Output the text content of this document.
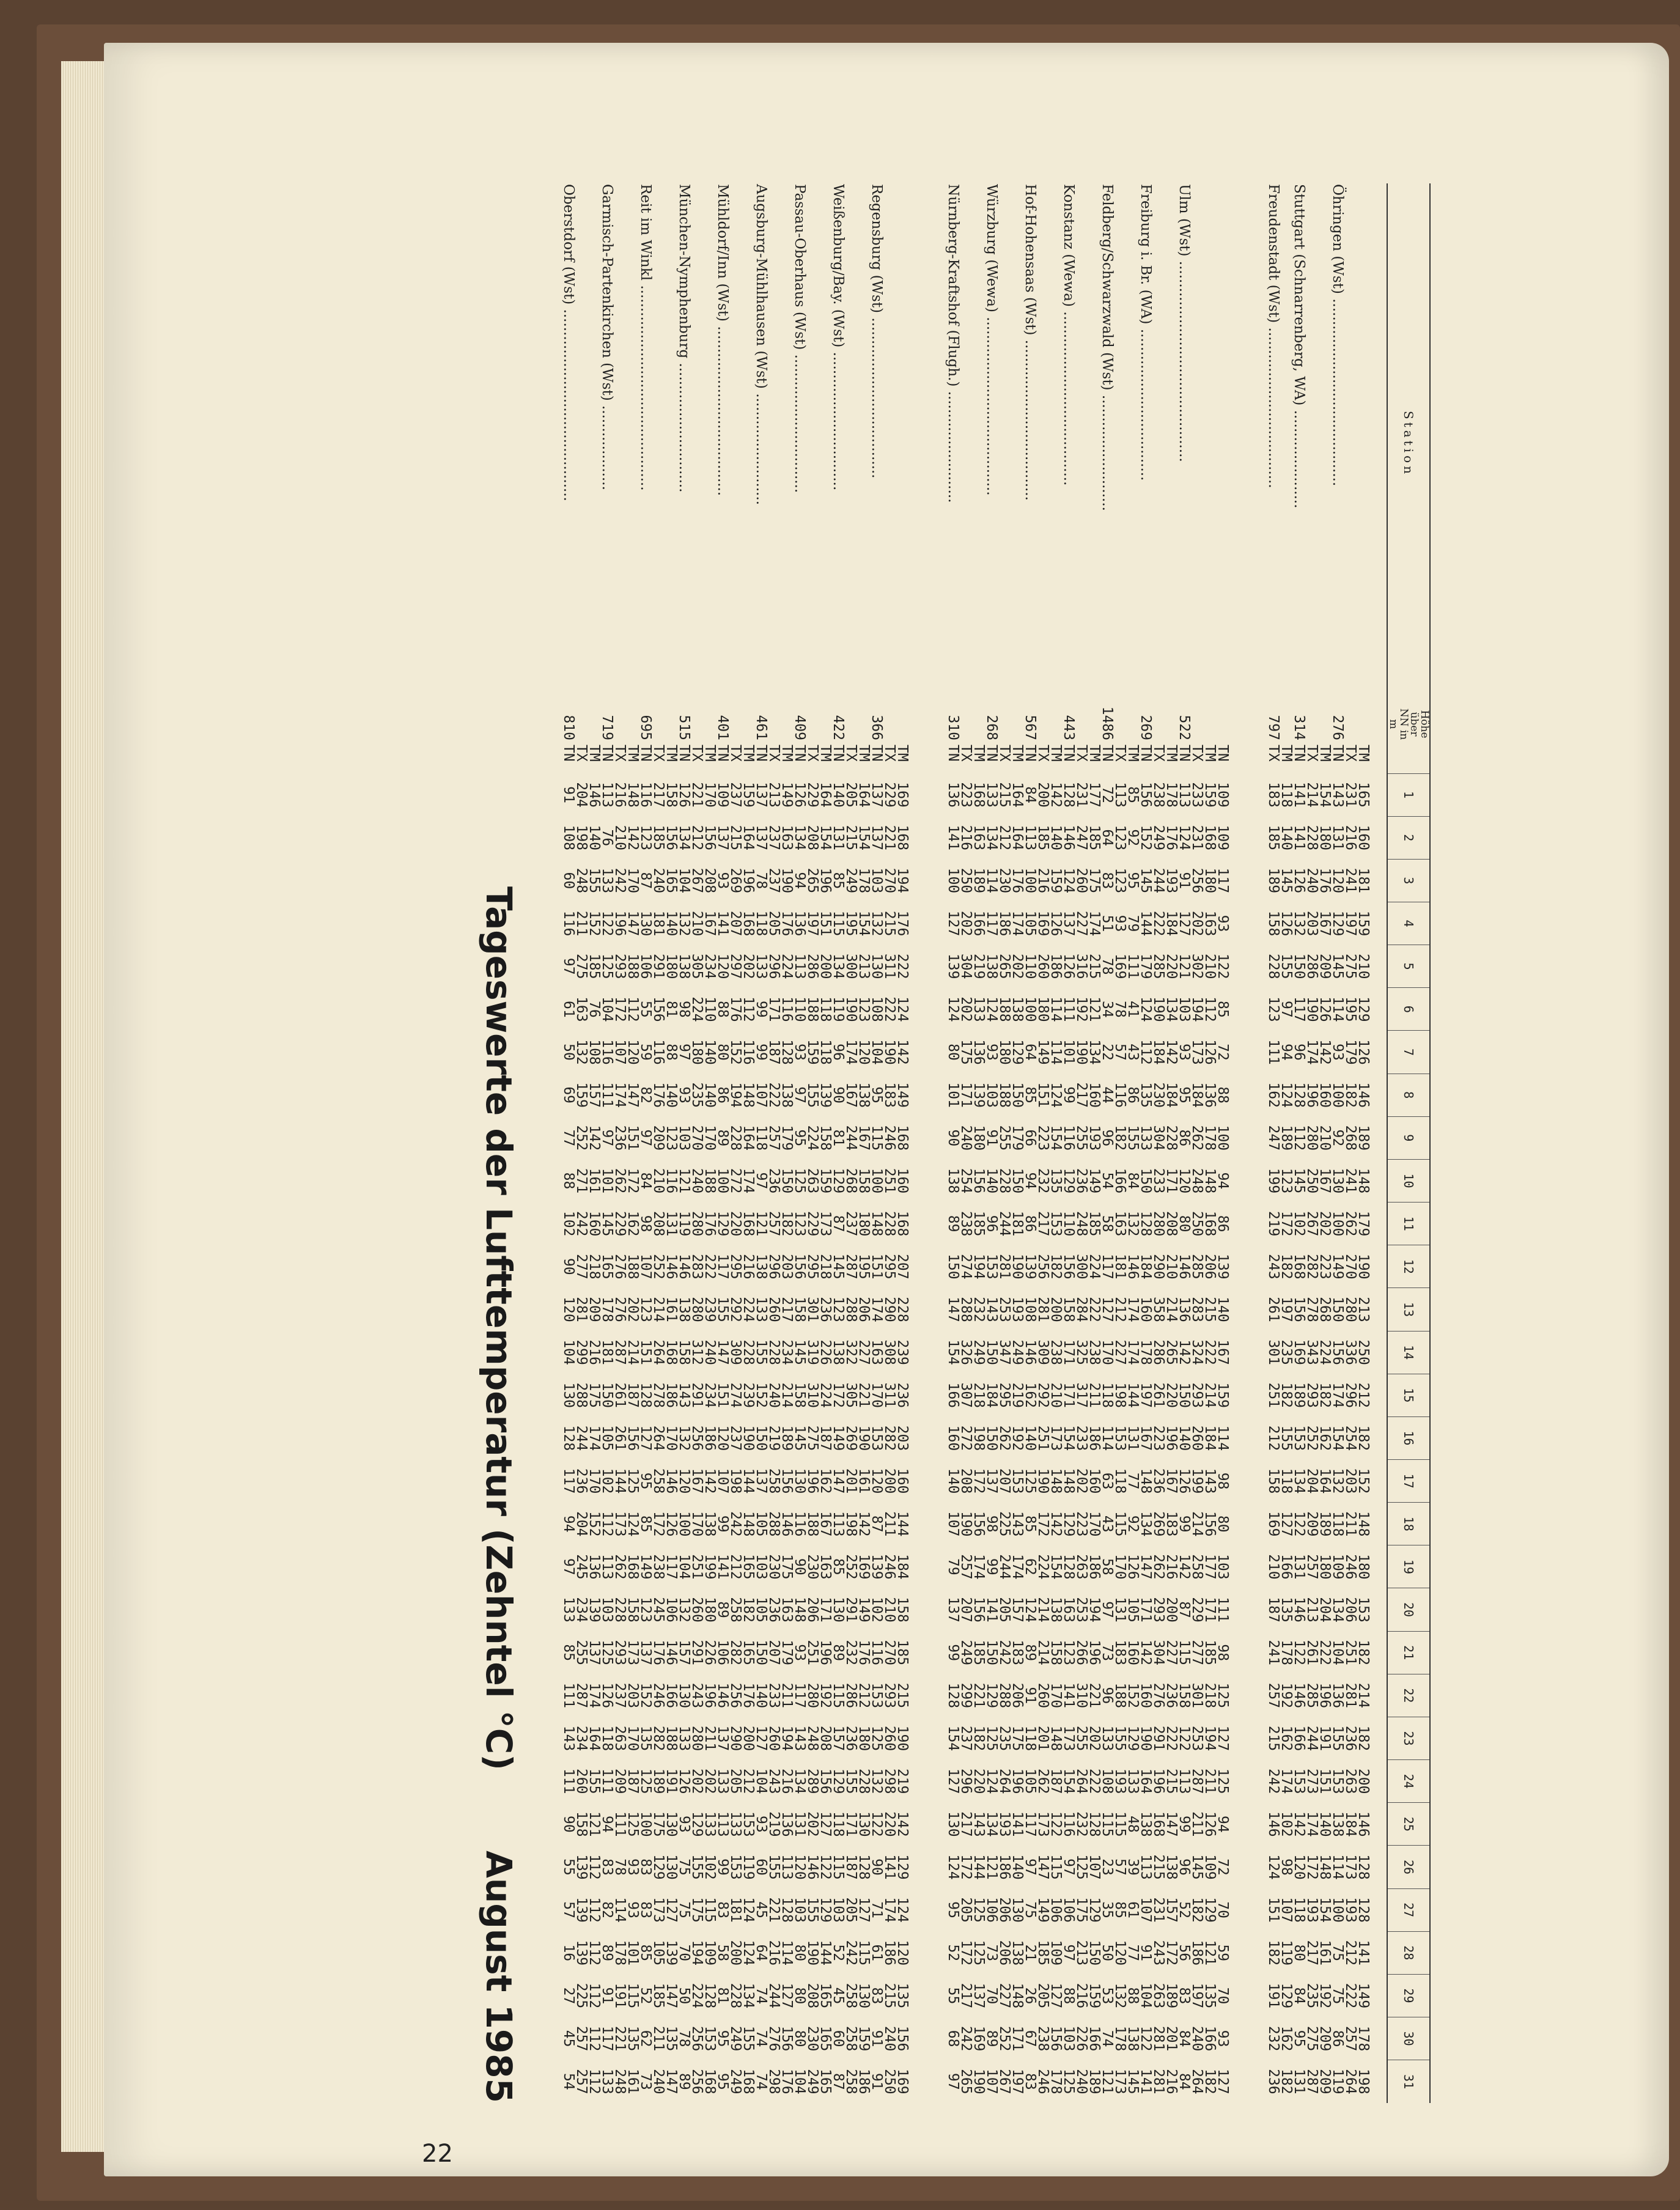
22
Station	Höhe über
NN in m		1	2	3	4	5	6	7	8	9	10	11	12	13	14	15	16	17	18	19	20	21	22	23	24	25	26	27	28	29	30	31

		TM	165	160	181	159	210	129	126	146	189	148	179	190	213	250	212	182	152	148	180	153	182	214	182	200	146	128	128	141	149	178	198
		TX	231	216	241	197	275	195	179	182	268	241	262	270	280	336	296	254	203	211	246	206	251	281	236	263	184	173	193	212	222	257	264
Öhringen (Wst) ..........................................	276	TN	143	131	120	129	145	114	93	100	92	130	100	149	150	156	174	154	132	118	109	134	104	136	155	153	138	114	100	75	75	86	119
		TM	154	180	176	167	209	126	142	160	210	167	202	223	268	224	182	162	164	189	180	204	222	196	191	151	140	148	154	161	192	209	209
		TX	214	228	240	203	286	190	174	196	280	250	267	282	278	343	293	252	204	209	257	213	261	285	244	273	174	172	193	217	235	275	287
Stuttgart (Schnarrenberg, WA) ......................	314	TN	141	141	126	132	150	117	96	128	112	145	102	168	156	169	189	153	134	122	131	146	122	146	166	153	142	120	118	80	84	95	131
		TM	118	140	145	126	155	97	94	124	189	123	172	182	197	235	182	155	118	127	166	135	178	192	162	174	102	98	107	119	129	162	182
Freudenstadt (Wst) ....................................	797	TX	183	185	189	158	228	123	111	162	247	199	219	243	261	301	251	212	158	169	210	187	241	257	215	242	146	124	151	182	191	232	236

		TN	109	109	117	93	122	85	72	88	100	94	86	139	140	167	159	114	98	80	103	111	98	125	127	125	94	72	70	59	70	93	127
		TM	159	168	180	163	210	112	126	136	178	148	168	206	215	222	214	184	143	156	177	171	185	218	194	211	126	109	129	121	135	166	182
		TX	233	231	256	202	302	194	173	184	262	248	250	285	283	324	293	260	199	214	258	229	277	301	253	287	211	145	182	186	197	240	264
Ulm (Wst) .............................................	522	TN	113	124	91	127	121	103	93	95	86	120	80	146	136	142	150	140	126	99	142	87	115	158	122	113	99	96	52	56	83	84	84
		TM	178	176	193	184	220	134	142	184	228	171	208	210	214	265	220	196	167	183	216	200	227	236	222	215	147	138	157	172	189	201	216
		TX	238	249	244	222	285	190	184	230	304	233	280	290	358	286	261	223	236	269	262	293	304	276	291	196	168	215	231	243	263	281	281
Freiburg i. Br. (WA) ..................................	269	TN	156	152	145	144	179	124	112	135	133	150	128	184	160	178	197	167	148	134	147	171	142	160	190	164	138	113	107	91	104	122	141
		TM	85	92	95	79	111	41	43	86	155	84	132	146	174	174	144	131	77	92	126	105	160	152	129	133	48	39	61	77	88	138	145
		TX	113	123	123	93	169	78	57	116	182	166	163	181	212	227	198	153	118	115	170	131	183	188	155	193	115	57	85	120	132	178	173
Feldberg/Schwarzwald (Wst) ..........................	1486	TN	72	64	83	51	78	34	22	44	96	54	58	117	127	170	118	114	63	43	58	97	73	96	133	108	115	23	35	50	53	74	121
		TM	177	185	175	174	215	121	134	160	193	149	185	224	222	238	211	186	160	170	186	194	196	221	202	222	128	107	129	150	159	166	189
		TX	231	247	260	227	316	192	190	217	255	236	248	300	284	325	317	233	202	223	263	253	266	310	255	264	232	125	175	213	216	226	240
Konstanz (Wewa) .......................................	443	TN	128	146	124	137	126	111	101	99	116	129	110	156	158	171	171	154	148	129	128	163	123	141	173	154	116	97	106	97	88	103	125
		TM	142	140	159	126	186	114	114	124	154	135	153	182	200	238	210	173	148	142	154	138	158	170	148	187	122	115	106	109	127	156	178
		TX	200	185	216	169	260	180	149	151	223	232	217	256	281	309	292	251	190	172	224	214	214	260	201	262	173	147	149	185	205	238	246
Hof-Hohensaas (Wst) ....................................	567	TN	84	113	100	105	110	100	64	85	66	94	86	139	108	146	162	140	125	85	62	124	89	91	118	105	117	97	75	21	26	67	83
		TM	164	164	176	174	202	138	129	150	179	150	181	190	193	249	219	192	153	143	174	157	183	206	175	196	141	140	130	138	148	171	197
		TX	215	212	230	186	265	188	180	188	255	228	244	281	253	347	295	262	207	225	244	205	242	288	235	264	193	186	206	206	227	252	267
Würzburg (Wewa) ........................................	268	TN	133	134	114	117	138	124	93	103	91	140	96	153	143	150	184	150	137	98	99	141	150	129	125	124	134	121	106	73	70	89	107
		TM	168	163	189	166	219	133	136	139	180	156	185	194	232	249	218	198	172	156	174	156	185	221	182	220	143	144	125	125	137	169	190
		TX	223	216	250	202	304	202	175	171	240	254	238	274	288	326	307	272	208	190	257	207	249	299	237	296	217	172	205	172	217	242	265
Nürnberg-Kraftshof (Flugh.) .........................	310	TN	136	141	100	127	139	124	80	101	90	138	89	150	147	154	166	160	140	107	79	137	99	128	154	127	130	124	95	52	55	68	97

		TM	169	168	194	176	222	124	142	149	168	160	168	207	228	239	236	203	160	144	184	158	185	215	190	219	142	129	124	120	135	156	169
		TX	229	221	270	215	311	222	190	183	246	251	228	295	290	308	311	282	200	211	246	210	270	293	260	298	220	141	174	186	215	240	250
Regensburg (Wst) ....................................	366	TN	137	137	103	132	130	108	104	95	115	100	148	151	174	163	170	153	120	87	139	102	116	153	125	132	122	90	71	61	83	91	91
		TM	164	154	178	154	213	123	120	138	167	158	180	195	206	227	221	190	161	142	169	149	176	212	180	228	130	128	127	115	130	159	186
		TX	205	215	249	195	300	190	174	167	244	268	237	287	288	322	305	269	201	198	252	291	232	286	236	155	171	187	205	242	258	258	258
Weißenburg/Bay. (Wst) ...............................	422	TN	140	131	85	115	134	119	96	90	81	129	87	145	123	138	172	149	147	113	85	130	89	115	157	129	118	115	103	52	45	60	87
		TM	164	154	196	151	200	118	118	139	158	159	173	218	236	226	224	187	162	167	163	171	196	192	208	156	127	122	129	144	165	165	165
		TX	229	208	265	197	286	188	159	155	224	263	229	295	301	319	310	275	196	188	230	206	251	280	248	289	202	146	155	190	208	230	249
Passau-Oberhaus (Wst) ...............................	409	TN	126	134	94	136	113	110	93	97	95	125	123	156	158	145	158	145	130	116	90	148	93	117	143	134	131	120	103	80	80	80	104
		TM	149	163	190	176	224	116	128	138	179	150	182	203	217	234	214	189	156	146	175	163	179	211	194	216	136	113	128	114	127	156	176
		TX	213	237	237	205	296	171	187	222	257	236	257	296	260	228	240	219	258	288	230	236	207	233	260	243	219	155	221	216	244	276	298
Augsburg-Mühlhausen (Wst) .........................	461	TN	137	137	78	118	133	99	99	107	118	97	121	138	133	155	152	150	137	105	103	105	150	140	127	104	93	60	45	64	74	74	74
		TM	159	164	196	168	202	112	116	148	164	174	168	216	224	228	239	190	144	148	165	182	165	176	200	212	153	119	124	124	134	155	168
		TX	237	215	269	207	297	176	152	194	228	272	220	295	292	309	274	237	198	242	212	258	282	256	290	205	133	153	181	200	228	249	249
Mühldorf/Inn (Wst) ......................................	401	TN	109	137	93	141	120	88	80	86	89	100	129	117	155	147	151	120	107	99	141	89	106	146	137	133	113	99	83	58	81	95	95
		TM	170	156	208	167	234	110	140	140	170	188	176	222	239	240	234	186	142	138	199	180	226	196	211	202	133	102	115	109	128	153	168
		TX	221	212	267	210	305	224	180	235	270	240	280	283	280	312	291	256	167	170	251	260	291	243	280	202	129	155	175	194	224	256	256
München-Nymphenburg .............................	515	TN	126	134	104	132	138	98	97	93	103	121	119	146	138	158	143	132	120	100	104	132	157	130	133	126	93	75	75	70	50	78	89
		TM	158	156	165	140	180	81	88	140	123	116	131	146	161	168	186	170	146	126	117	106	146	166	188	191	130	130	127	139	147	135	147
		TX	217	185	240	181	291	156	116	176	209	210	208	252	214	264	278	264	258	172	238	245	176	246	282	189	175	129	173	105	185	211	240
Reit im Winkl ..............................................	695	TN	116	123	87	130	106	55	59	82	97	84	98	107	123	151	128	127	95	85	149	123	137	152	135	125	100	83	83	85	52	62	73
		TM	148	142	170	147	188	112	120	147	151	172	162	188	202	214	187	156	125	124	168	158	173	203	170	187	125	93	93	101	115	135	161
		TX	216	210	242	196	293	172	107	174	236	262	229	276	276	287	261	261	144	173	262	228	293	237	263	209	111	78	114	178	191	221	248
Garmisch-Partenkirchen (Wst) ...................	719	TN	113	76	133	122	125	104	116	111	97	101	145	165	178	181	150	105	102	112	113	103	125	126	118	111	94	83	82	89	91	117	133
		TM	146	140	155	152	185	76	108	157	142	161	160	218	209	216	175	174	170	152	136	139	137	174	164	155	121	112	112	112	112	112	112
		TX	204	198	248	211	275	163	132	159	252	271	242	277	281	299	288	244	236	204	245	234	255	287	234	260	158	139	139	139	225	257	257
Oberstdorf (Wst) ...........................................	810	TN	91	108	60	116	97	61	50	69	77	88	102	90	120	104	130	128	117	94	97	133	85	111	143	111	90	55	57	16	27	45	54
Tageswerte der Lufttemperatur (Zehntel °C)
August 1985
